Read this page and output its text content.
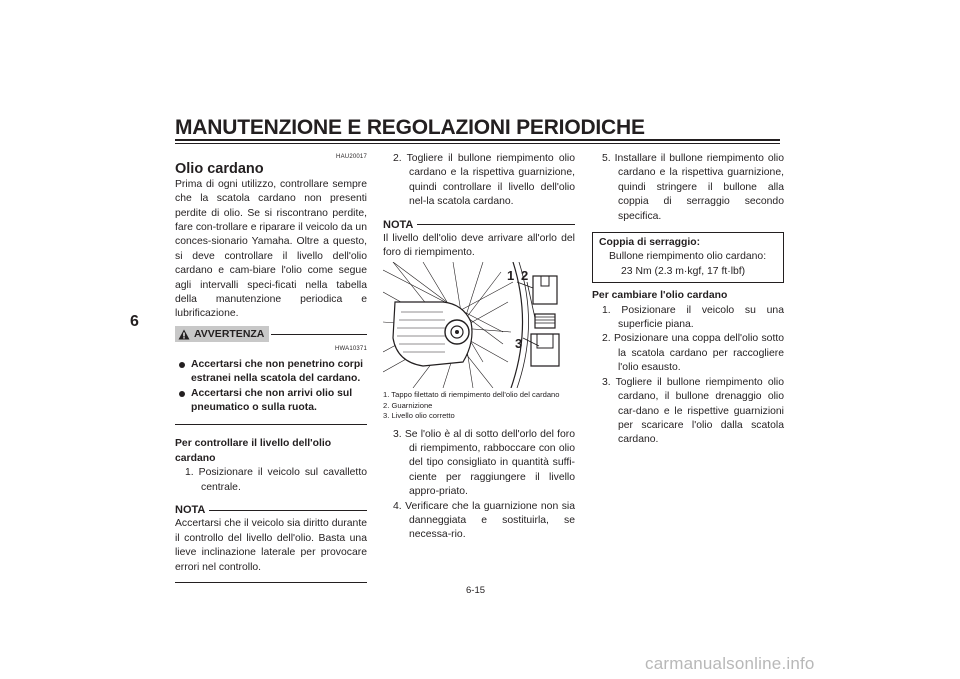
MANUTENZIONE E REGOLAZIONI PERIODICHE
6
HAU20017
Olio cardano
Prima di ogni utilizzo, controllare sempre che la scatola cardano non presenti perdite di olio. Se si riscontrano perdite, fare con-trollare e riparare il veicolo da un conces-sionario Yamaha. Oltre a questo, si deve controllare il livello dell'olio cardano e cam-biare l'olio come segue agli intervalli speci-ficati nella tabella della manutenzione periodica e lubrificazione.
AVVERTENZA
HWA10371
Accertarsi che non penetrino corpi estranei nella scatola del cardano.
Accertarsi che non arrivi olio sul pneumatico o sulla ruota.
Per controllare il livello dell'olio cardano
1. Posizionare il veicolo sul cavalletto centrale.
NOTA
Accertarsi che il veicolo sia diritto durante il controllo del livello dell'olio. Basta una lieve inclinazione laterale per provocare errori nel controllo.
2. Togliere il bullone riempimento olio cardano e la rispettiva guarnizione, quindi controllare il livello dell'olio nel-la scatola cardano.
NOTA
Il livello dell'olio deve arrivare all'orlo del foro di riempimento.
1 2
3
1. Tappo filettato di riempimento dell'olio del cardano
2. Guarnizione
3. Livello olio corretto
3. Se l'olio è al di sotto dell'orlo del foro di riempimento, rabboccare con olio del tipo consigliato in quantità suffi-ciente per raggiungere il livello appro-priato.
4. Verificare che la guarnizione non sia danneggiata e sostituirla, se necessa-rio.
5. Installare il bullone riempimento olio cardano e la rispettiva guarnizione, quindi stringere il bullone alla coppia di serraggio secondo specifica.
Coppia di serraggio:
Bullone riempimento olio cardano:
23 Nm (2.3 m·kgf, 17 ft·lbf)
Per cambiare l'olio cardano
1. Posizionare il veicolo su una superficie piana.
2. Posizionare una coppa dell'olio sotto la scatola cardano per raccogliere l'olio esausto.
3. Togliere il bullone riempimento olio cardano, il bullone drenaggio olio car-dano e le rispettive guarnizioni per scaricare l'olio dalla scatola cardano.
6-15
carmanualsonline.info
